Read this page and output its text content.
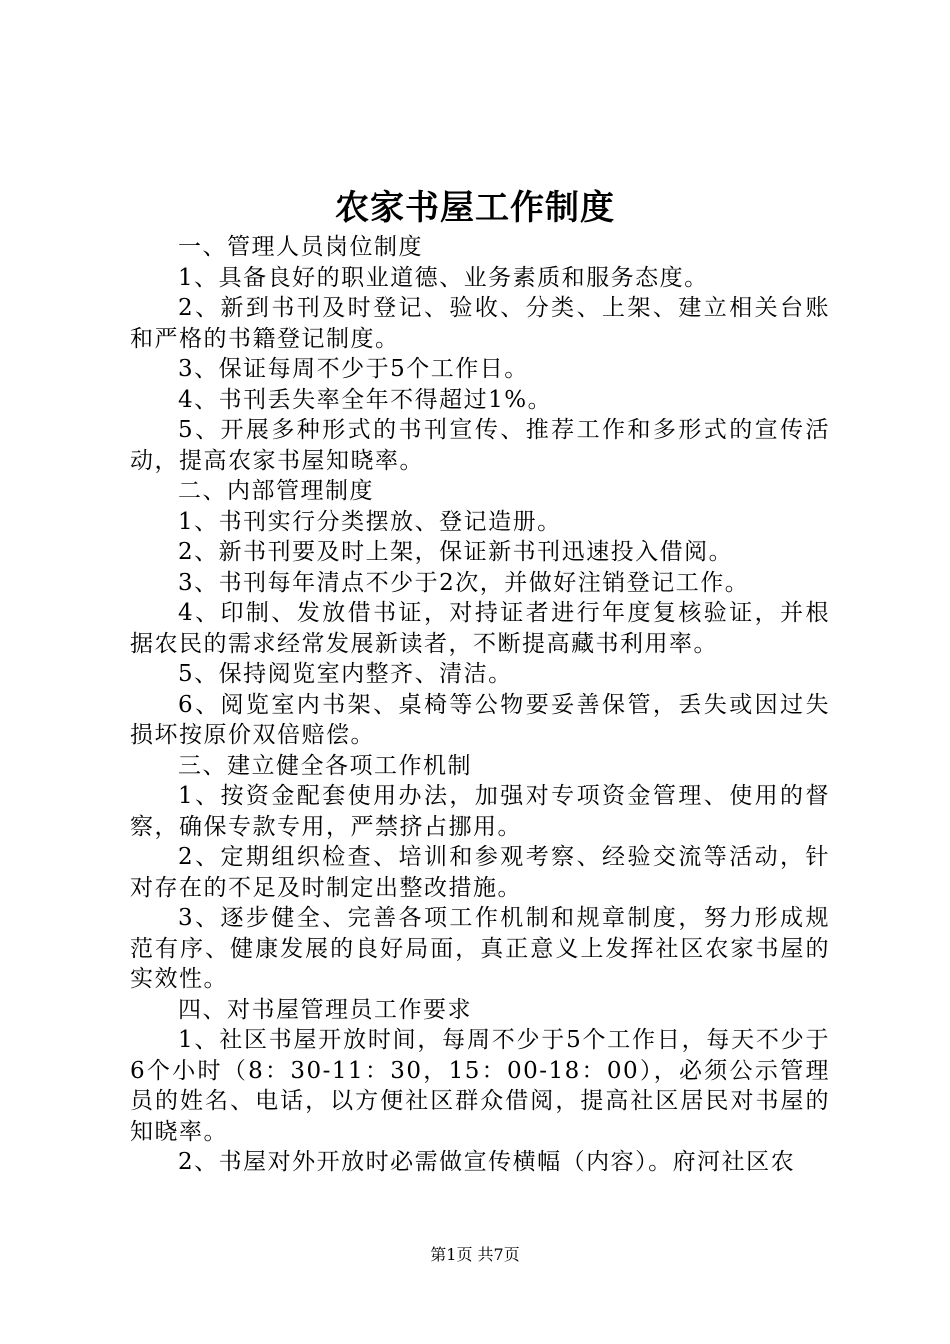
农家书屋工作制度

一、管理人员岗位制度

1、具备良好的职业道德、业务素质和服务态度。

2、新到书刊及时登记、验收、分类、上架、建立相关台账和严格的书籍登记制度。

3、保证每周不少于5个工作日。

4、书刊丢失率全年不得超过1%。

5、开展多种形式的书刊宣传、推荐工作和多形式的宣传活动，提高农家书屋知晓率。

二、内部管理制度

1、书刊实行分类摆放、登记造册。

2、新书刊要及时上架，保证新书刊迅速投入借阅。

3、书刊每年清点不少于2次，并做好注销登记工作。

4、印制、发放借书证，对持证者进行年度复核验证，并根据农民的需求经常发展新读者，不断提高藏书利用率。

5、保持阅览室内整齐、清洁。

6、阅览室内书架、桌椅等公物要妥善保管，丢失或因过失损坏按原价双倍赔偿。

三、建立健全各项工作机制

1、按资金配套使用办法，加强对专项资金管理、使用的督察，确保专款专用，严禁挤占挪用。

2、定期组织检查、培训和参观考察、经验交流等活动，针对存在的不足及时制定出整改措施。

3、逐步健全、完善各项工作机制和规章制度，努力形成规范有序、健康发展的良好局面，真正意义上发挥社区农家书屋的实效性。

四、对书屋管理员工作要求

1、社区书屋开放时间，每周不少于5个工作日，每天不少于6个小时（8：30-11：30，15：00-18：00），必须公示管理员的姓名、电话，以方便社区群众借阅，提高社区居民对书屋的知晓率。

2、书屋对外开放时必需做宣传横幅（内容）。府河社区农

第1页 共7页
